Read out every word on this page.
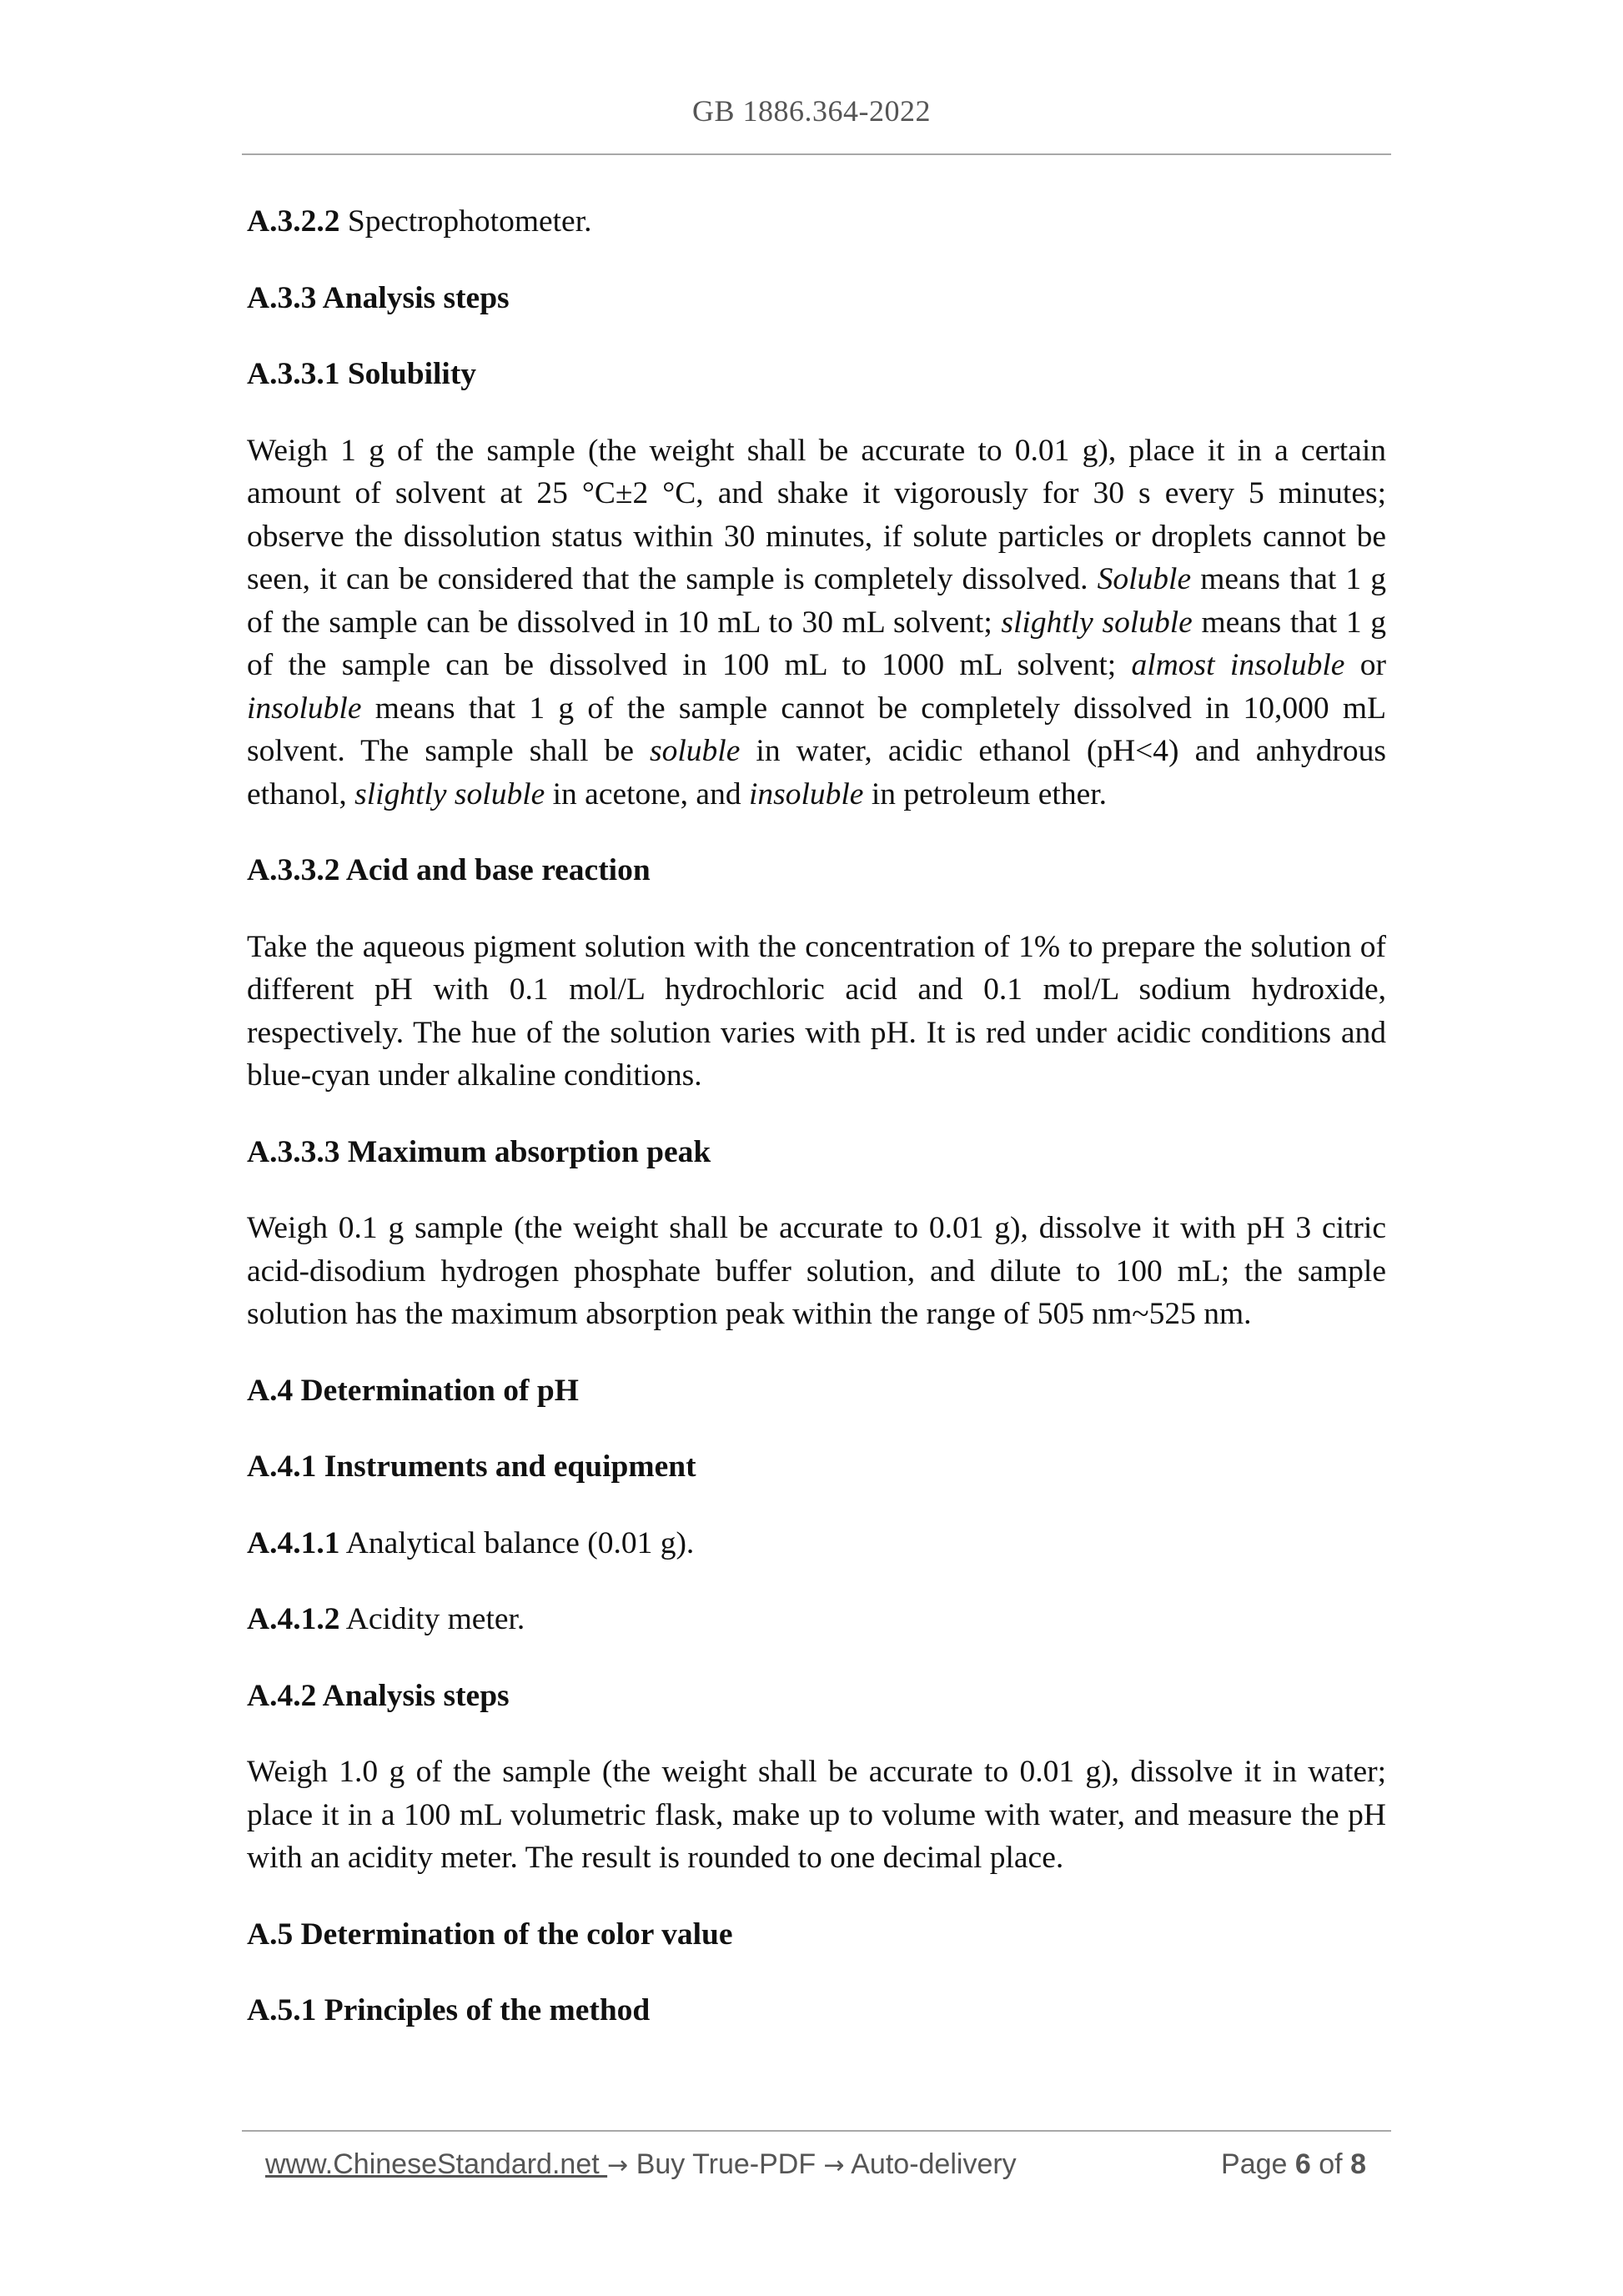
GB 1886.364-2022
A.3.2.2 Spectrophotometer.
A.3.3 Analysis steps
A.3.3.1 Solubility

Weigh 1 g of the sample (the weight shall be accurate to 0.01 g), place it in a certain amount of solvent at 25 °C±2 °C, and shake it vigorously for 30 s every 5 minutes; observe the dissolution status within 30 minutes, if solute particles or droplets cannot be seen, it can be considered that the sample is completely dissolved. Soluble means that 1 g of the sample can be dissolved in 10 mL to 30 mL solvent; slightly soluble means that 1 g of the sample can be dissolved in 100 mL to 1000 mL solvent; almost insoluble or insoluble means that 1 g of the sample cannot be completely dissolved in 10,000 mL solvent. The sample shall be soluble in water, acidic ethanol (pH<4) and anhydrous ethanol, slightly soluble in acetone, and insoluble in petroleum ether.

A.3.3.2 Acid and base reaction

Take the aqueous pigment solution with the concentration of 1% to prepare the solution of different pH with 0.1 mol/L hydrochloric acid and 0.1 mol/L sodium hydroxide, respectively. The hue of the solution varies with pH. It is red under acidic conditions and blue-cyan under alkaline conditions.

A.3.3.3 Maximum absorption peak

Weigh 0.1 g sample (the weight shall be accurate to 0.01 g), dissolve it with pH 3 citric acid-disodium hydrogen phosphate buffer solution, and dilute to 100 mL; the sample solution has the maximum absorption peak within the range of 505 nm~525 nm.

A.4 Determination of pH
A.4.1 Instruments and equipment
A.4.1.1 Analytical balance (0.01 g).
A.4.1.2 Acidity meter.
A.4.2 Analysis steps

Weigh 1.0 g of the sample (the weight shall be accurate to 0.01 g), dissolve it in water; place it in a 100 mL volumetric flask, make up to volume with water, and measure the pH with an acidity meter. The result is rounded to one decimal place.

A.5 Determination of the color value
A.5.1 Principles of the method
www.ChineseStandard.net → Buy True-PDF → Auto-delivery	Page 6 of 8
